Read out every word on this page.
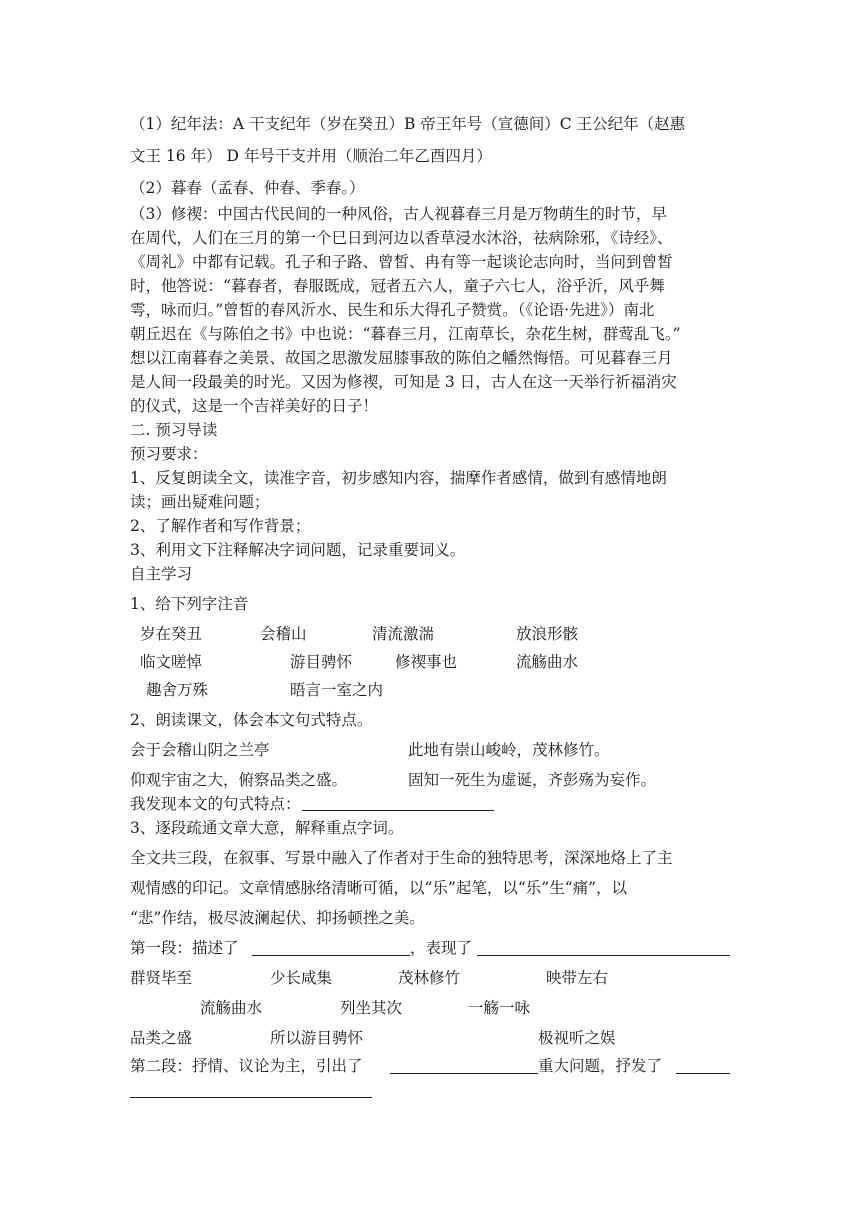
（1）纪年法：A 干支纪年（岁在癸丑）B 帝王年号（宣德间）C 王公纪年（赵惠
文王 16 年） D 年号干支并用（顺治二年乙酉四月）
（2）暮春（孟春、仲春、季春。）
（3）修禊：中国古代民间的一种风俗，古人视暮春三月是万物萌生的时节，早
在周代，人们在三月的第一个巳日到河边以香草浸水沐浴，祛病除邪，《诗经》、
《周礼》中都有记载。孔子和子路、曾皙、冉有等一起谈论志向时，当问到曾皙
时，他答说：“暮春者，春服既成，冠者五六人，童子六七人，浴乎沂，风乎舞
雩，咏而归。”曾皙的春风沂水、民生和乐大得孔子赞赏。（《论语·先进》）南北
朝丘迟在《与陈伯之书》中也说：“暮春三月，江南草长，杂花生树，群莺乱飞。”
想以江南暮春之美景、故国之思激发屈膝事敌的陈伯之幡然悔悟。可见暮春三月
是人间一段最美的时光。又因为修禊，可知是 3 日，古人在这一天举行祈福消灾
的仪式，这是一个吉祥美好的日子！
二. 预习导读
预习要求：
1、反复朗读全文，读准字音，初步感知内容，揣摩作者感情，做到有感情地朗
读；画出疑难问题；
2、了解作者和写作背景；
3、利用文下注释解决字词问题，记录重要词义。
自主学习
1、给下列字注音
岁在癸丑	会稽山	清流激湍	放浪形骸
临文嗟悼	游目骋怀	修禊事也	流觞曲水
趣舍万殊	晤言一室之内
2、朗读课文，体会本文句式特点。
会于会稽山阴之兰亭	此地有崇山峻岭，茂林修竹。
仰观宇宙之大，俯察品类之盛。	固知一死生为虚诞，齐彭殇为妄作。
我发现本文的句式特点：
3、逐段疏通文章大意，解释重点字词。
全文共三段，在叙事、写景中融入了作者对于生命的独特思考，深深地烙上了主
观情感的印记。文章情感脉络清晰可循，以“乐”起笔，以“乐”生“痛”，以
“悲”作结，极尽波澜起伏、抑扬顿挫之美。
第一段：描述了	，表现了
群贤毕至	少长咸集	茂林修竹	映带左右
流觞曲水	列坐其次	一觞一咏
品类之盛	所以游目骋怀	极视听之娱
第二段：抒情、议论为主，引出了	重大问题，抒发了
